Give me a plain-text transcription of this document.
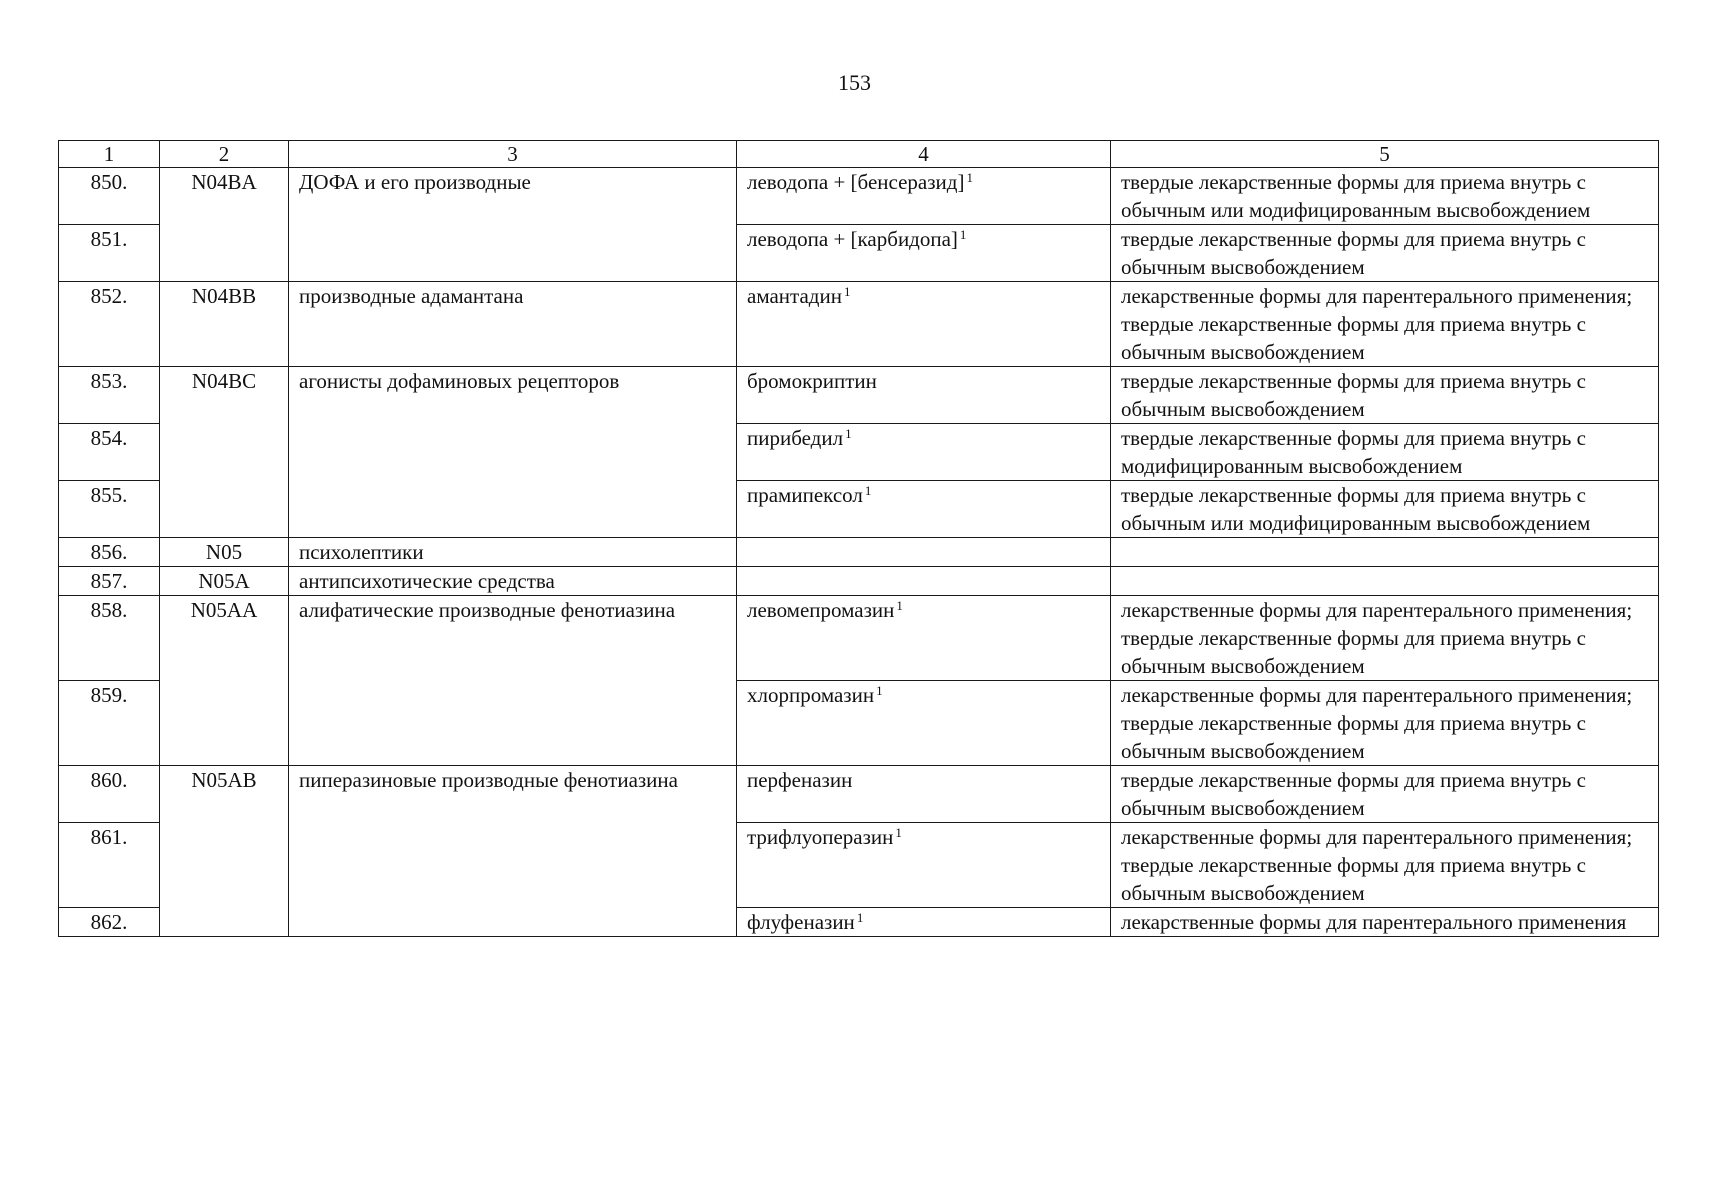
153
1	2	3	4	5
850.	N04BA	ДОФА и его производные	леводопа + [бенсеразид] $^1$	твердые лекарственные формы для приема внутрь с обычным или модифицированным высвобождением

851.			леводопа + [карбидопа] $^1$	твердые лекарственные формы для приема внутрь с обычным высвобождением

852.	N04BB	производные адамантана	амантадин $^1$	лекарственные формы для парентерального применения;
твердые лекарственные формы для приема внутрь с обычным высвобождением

853.	N04BC	агонисты дофаминовых рецепторов	бромокриптин	твердые лекарственные формы для приема внутрь с обычным высвобождением

854.			пирибедил $^1$	твердые лекарственные формы для приема внутрь с модифицированным высвобождением

855.			прамипексол $^1$	твердые лекарственные формы для приема внутрь с обычным или модифицированным высвобождением

856.	N05	психолептики		

857.	N05A	антипсихотические средства		

858.	N05AA	алифатические производные фенотиазина	левомепромазин $^1$	лекарственные формы для парентерального применения;
твердые лекарственные формы для приема внутрь с обычным высвобождением

859.			хлорпромазин $^1$	лекарственные формы для парентерального применения;
твердые лекарственные формы для приема внутрь с обычным высвобождением

860.	N05AB	пиперазиновые производные фенотиазина	перфеназин	твердые лекарственные формы для приема внутрь с обычным высвобождением

861.			трифлуоперазин $^1$	лекарственные формы для парентерального применения;
твердые лекарственные формы для приема внутрь с обычным высвобождением

862.			флуфеназин $^1$	лекарственные формы для парентерального применения
